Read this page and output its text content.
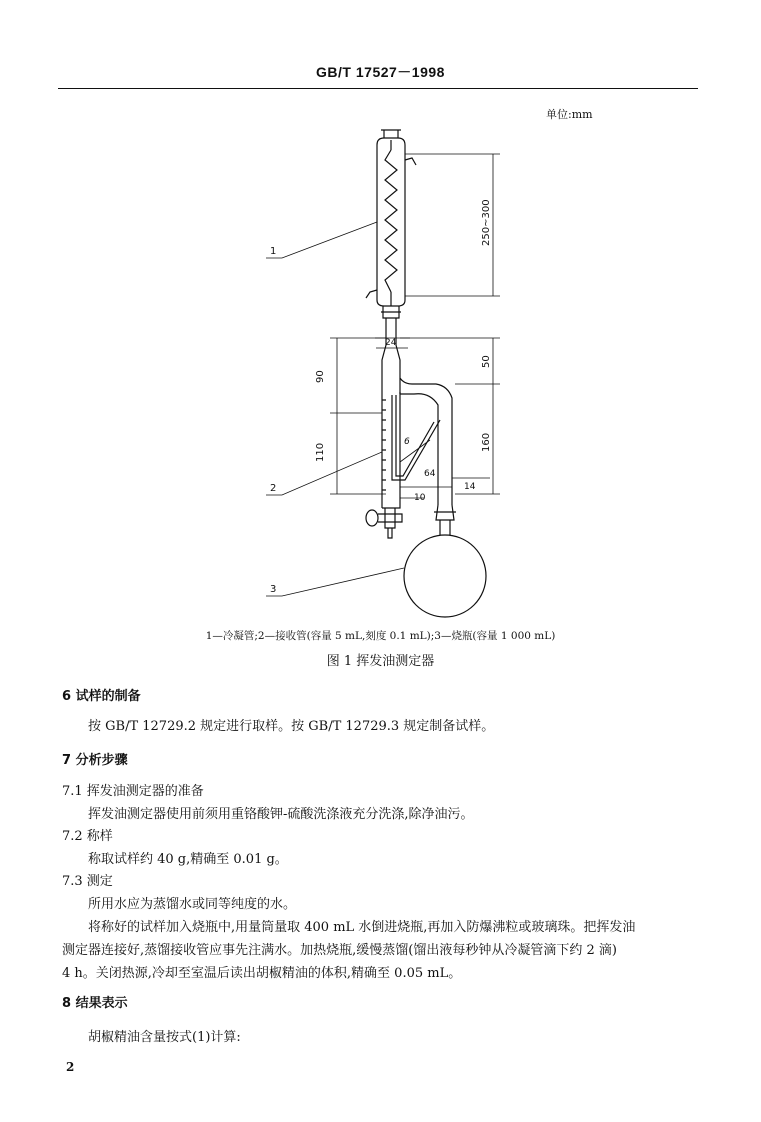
GB/T 17527－1998
单位:mm
1
2
3
250~300
24
50
90
110
160
6
64
14
10
1—冷凝管;2—接收管(容量 5 mL,刻度 0.1 mL);3—烧瓶(容量 1 000 mL)
图 1 挥发油测定器
6 试样的制备
按 GB/T 12729.2 规定进行取样。按 GB/T 12729.3 规定制备试样。
7 分析步骤
7.1 挥发油测定器的准备
挥发油测定器使用前须用重铬酸钾-硫酸洗涤液充分洗涤,除净油污。
7.2 称样
称取试样约 40 g,精确至 0.01 g。
7.3 测定
所用水应为蒸馏水或同等纯度的水。
将称好的试样加入烧瓶中,用量筒量取 400 mL 水倒进烧瓶,再加入防爆沸粒或玻璃珠。把挥发油
测定器连接好,蒸馏接收管应事先注满水。加热烧瓶,缓慢蒸馏(馏出液每秒钟从冷凝管滴下约 2 滴)
4 h。关闭热源,冷却至室温后读出胡椒精油的体积,精确至 0.05 mL。
8 结果表示
胡椒精油含量按式(1)计算:
2
